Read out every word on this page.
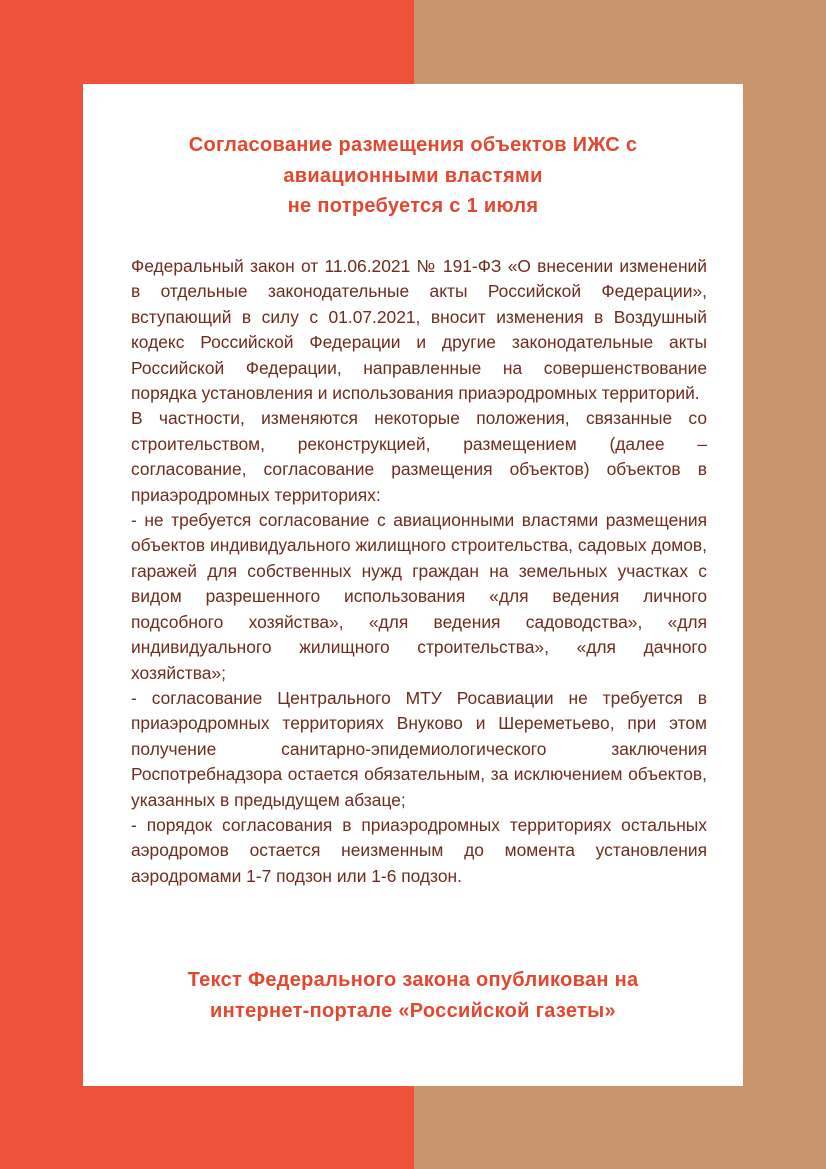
Согласование размещения объектов ИЖС с
авиационными властями
не потребуется с 1 июля

Федеральный закон от 11.06.2021 № 191-ФЗ «О внесении изменений в отдельные законодательные акты Российской Федерации», вступающий в силу с 01.07.2021, вносит изменения в Воздушный кодекс Российской Федерации и другие законодательные акты Российской Федерации, направленные на совершенствование порядка установления и использования приаэродромных территорий.

В частности, изменяются некоторые положения, связанные со строительством, реконструкцией, размещением (далее – согласование, согласование размещения объектов) объектов в приаэродромных территориях:

- не требуется согласование с авиационными властями размещения объектов индивидуального жилищного строительства, садовых домов, гаражей для собственных нужд граждан на земельных участках с видом разрешенного использования «для ведения личного подсобного хозяйства», «для ведения садоводства», «для индивидуального жилищного строительства», «для дачного хозяйства»;

- согласование Центрального МТУ Росавиации не требуется в приаэродромных территориях Внуково и Шереметьево, при этом получение санитарно-эпидемиологического заключения Роспотребнадзора остается обязательным, за исключением объектов, указанных в предыдущем абзаце;

- порядок согласования в приаэродромных территориях остальных аэродромов остается неизменным до момента установления аэродромами 1-7 подзон или 1-6 подзон.

Текст Федерального закона опубликован на
интернет-портале «Российской газеты»
